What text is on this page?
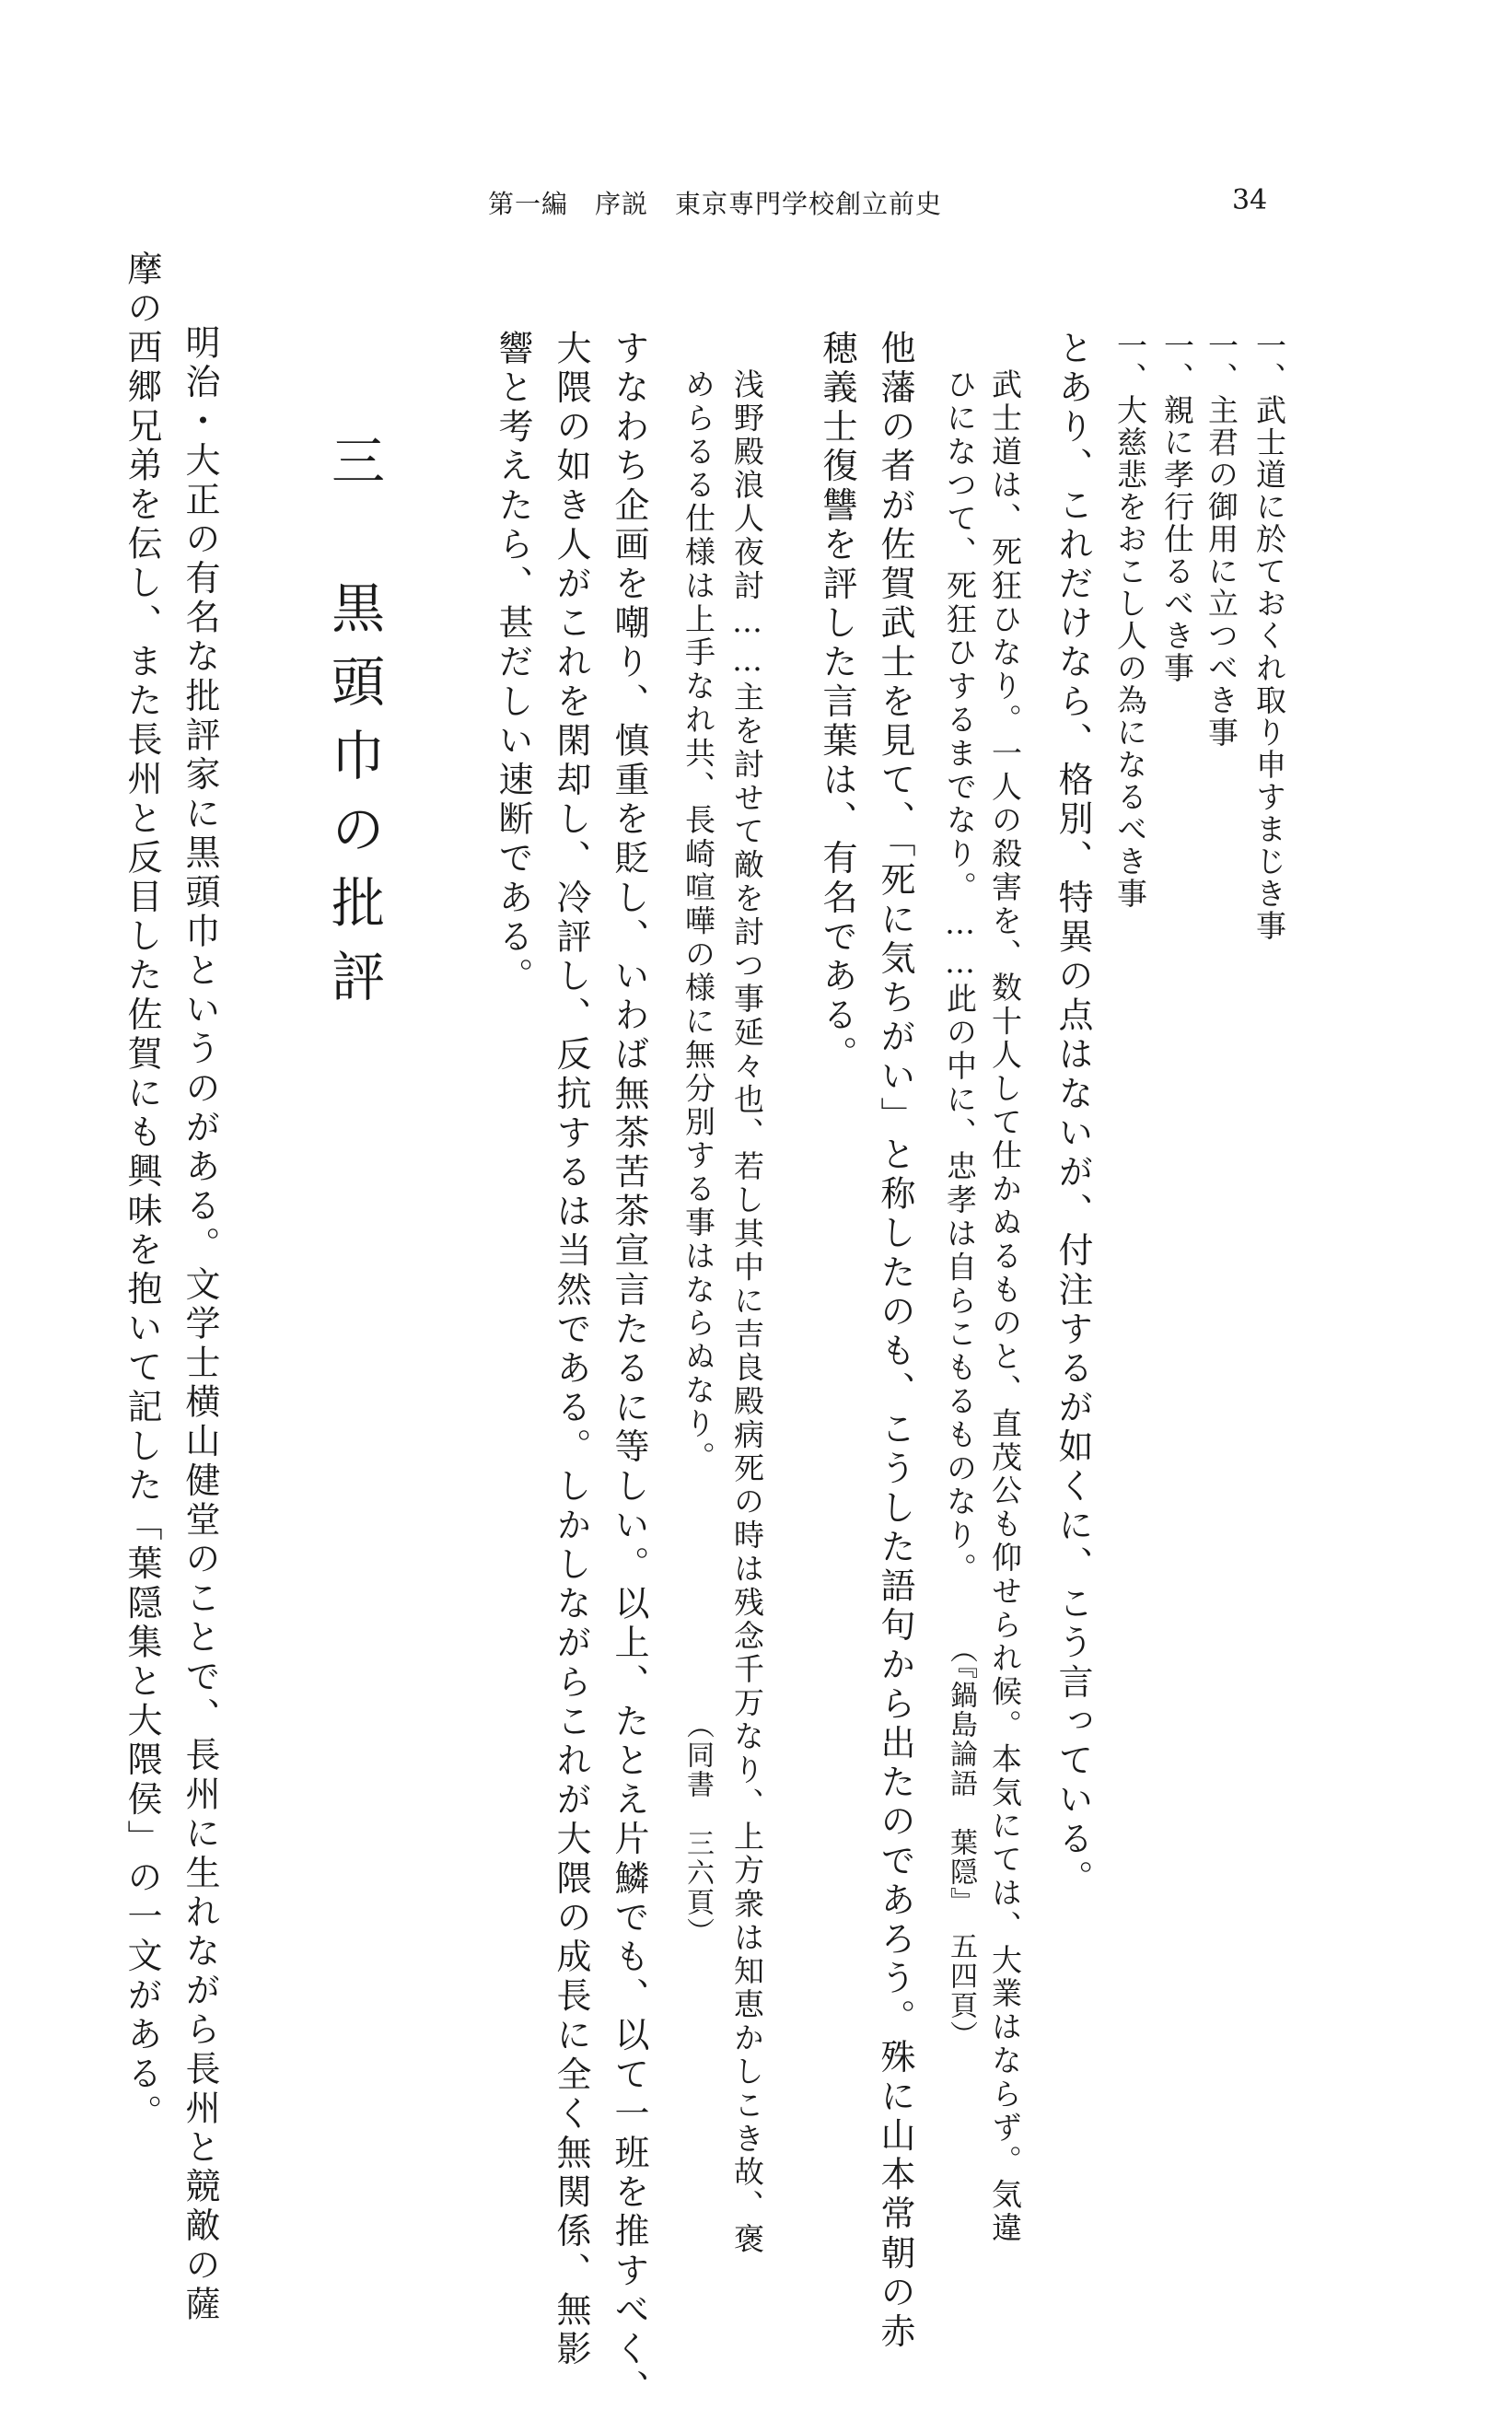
第一編　序説　東京専門学校創立前史	34
一、武士道に於ておくれ取り申すまじき事
一、主君の御用に立つべき事
一、親に孝行仕るべき事
一、大慈悲をおこし人の為になるべき事
とあり、これだけなら、格別、特異の点はないが、付注するが如くに、こう言っている。
武士道は、死狂ひなり。一人の殺害を、数十人して仕かぬるものと、直茂公も仰せられ候。本気にては、大業はならず。気違
ひになつて、死狂ひするまでなり。……此の中に、忠孝は自らこもるものなり。
（『鍋島論語　葉隠』　五四頁）
他藩の者が佐賀武士を見て、「死に気ちがい」と称したのも、こうした語句から出たのであろう。殊に山本常朝の赤
穂義士復讐を評した言葉は、有名である。
浅野殿浪人夜討……主を討せて敵を討つ事延々也、若し其中に吉良殿病死の時は残念千万なり、上方衆は知恵かしこき故、褒
めらるる仕様は上手なれ共、長崎喧嘩の様に無分別する事はならぬなり。
（同書　三六頁）
すなわち企画を嘲り、慎重を貶し、いわば無茶苦茶宣言たるに等しい。以上、たとえ片鱗でも、以て一班を推すべく、
大隈の如き人がこれを閑却し、冷評し、反抗するは当然である。しかしながらこれが大隈の成長に全く無関係、無影
響と考えたら、甚だしい速断である。
三　黒頭巾の批評
明治・大正の有名な批評家に黒頭巾というのがある。文学士横山健堂のことで、長州に生れながら長州と競敵の薩
摩の西郷兄弟を伝し、また長州と反目した佐賀にも興味を抱いて記した「葉隠集と大隈侯」の一文がある。
